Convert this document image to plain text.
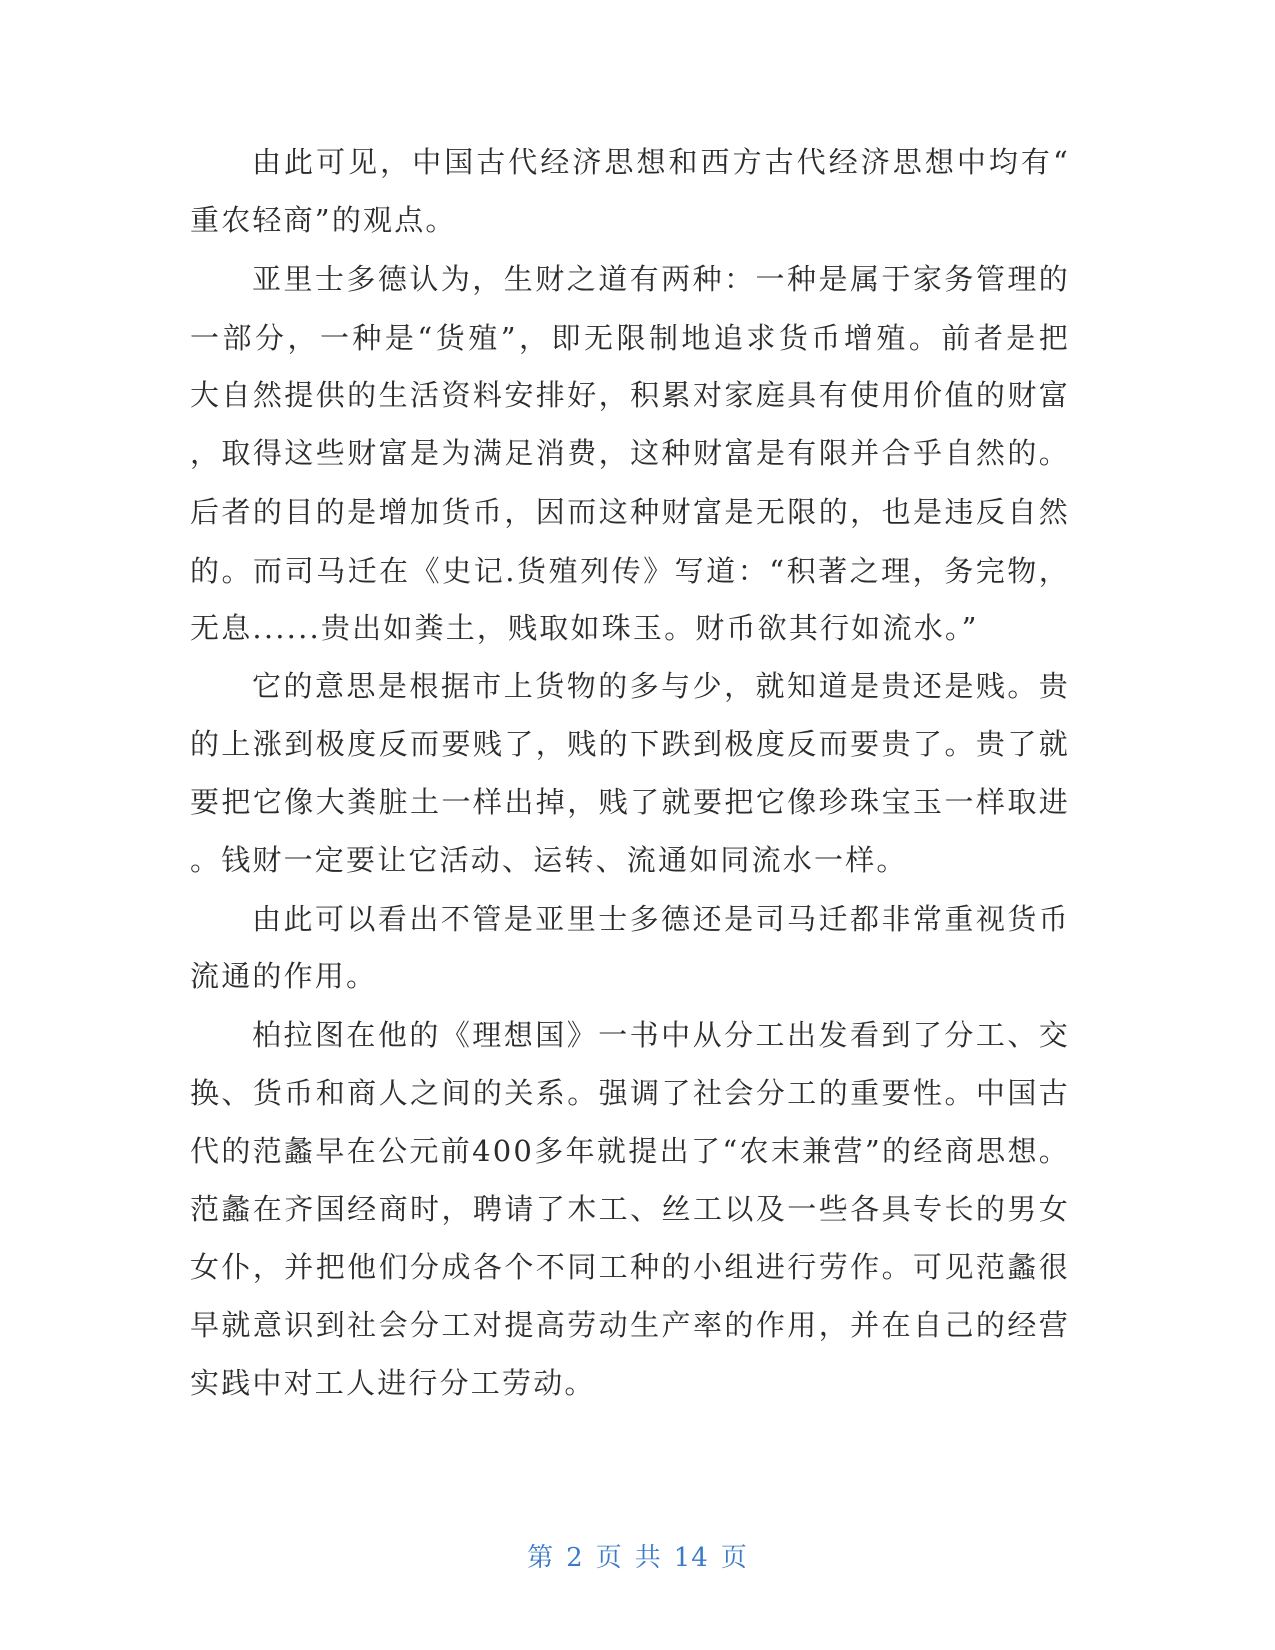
由此可见，中国古代经济思想和西方古代经济思想中均有“
重农轻商”的观点。
亚里士多德认为，生财之道有两种：一种是属于家务管理的
一部分，一种是“货殖”，即无限制地追求货币增殖。前者是把
大自然提供的生活资料安排好，积累对家庭具有使用价值的财富
，取得这些财富是为满足消费，这种财富是有限并合乎自然的。
后者的目的是增加货币，因而这种财富是无限的，也是违反自然
的。而司马迁在《史记.货殖列传》写道：“积著之理，务完物，
无息......贵出如粪土，贱取如珠玉。财币欲其行如流水。”
它的意思是根据市上货物的多与少，就知道是贵还是贱。贵
的上涨到极度反而要贱了，贱的下跌到极度反而要贵了。贵了就
要把它像大粪脏土一样出掉，贱了就要把它像珍珠宝玉一样取进
。钱财一定要让它活动、运转、流通如同流水一样。
由此可以看出不管是亚里士多德还是司马迁都非常重视货币
流通的作用。
柏拉图在他的《理想国》一书中从分工出发看到了分工、交
换、货币和商人之间的关系。强调了社会分工的重要性。中国古
代的范蠡早在公元前400多年就提出了“农末兼营”的经商思想。
范蠡在齐国经商时，聘请了木工、丝工以及一些各具专长的男女
女仆，并把他们分成各个不同工种的小组进行劳作。可见范蠡很
早就意识到社会分工对提高劳动生产率的作用，并在自己的经营
实践中对工人进行分工劳动。
第 2 页 共 14 页
